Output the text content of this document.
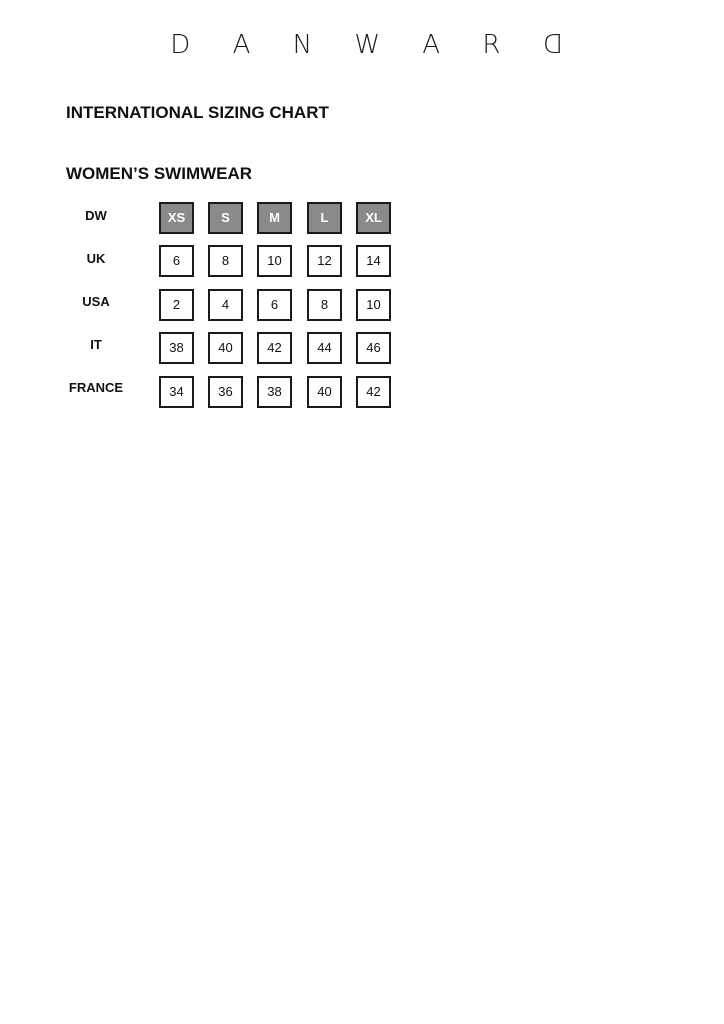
D A N W A R D
INTERNATIONAL SIZING CHART
WOMEN’S SWIMWEAR
DW	XS	S	M	L	XL
UK	6	8	10	12	14
USA	2	4	6	8	10
IT	38	40	42	44	46
FRANCE	34	36	38	40	42
